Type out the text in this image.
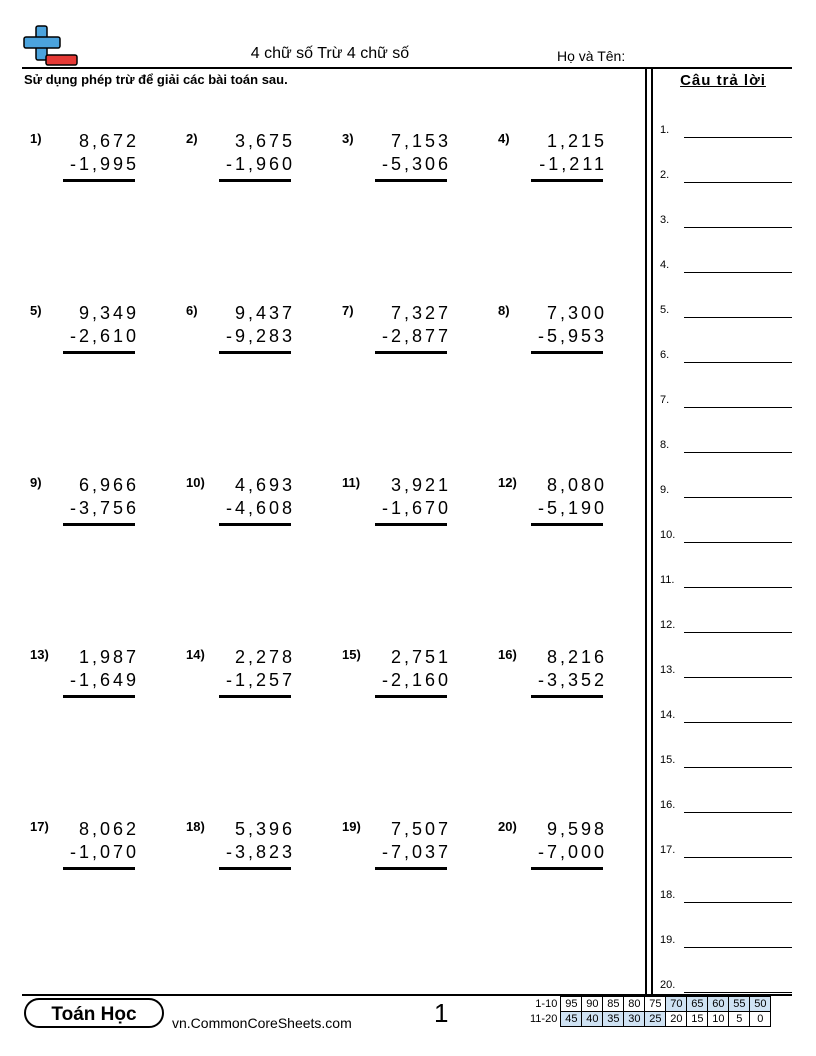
4 chữ số Trừ 4 chữ số	Họ và Tên:
Sử dụng phép trừ để giải các bài toán sau.	Câu trả lời
1)	8,672
-1,995
2)	3,675
-1,960
3)	7,153
-5,306
4)	1,215
-1,211
5)	9,349
-2,610
6)	9,437
-9,283
7)	7,327
-2,877
8)	7,300
-5,953
9)	6,966
-3,756
10)	4,693
-4,608
11)	3,921
-1,670
12)	8,080
-5,190
13)	1,987
-1,649
14)	2,278
-1,257
15)	2,751
-2,160
16)	8,216
-3,352
17)	8,062
-1,070
18)	5,396
-3,823
19)	7,507
-7,037
20)	9,598
-7,000
1.
2.
3.
4.
5.
6.
7.
8.
9.
10.
11.
12.
13.
14.
15.
16.
17.
18.
19.
20.
Toán Học	vn.CommonCoreSheets.com	1	1-10	95	90	85	80	75	70	65	60	55	50
11-20	45	40	35	30	25	20	15	10	5	0
